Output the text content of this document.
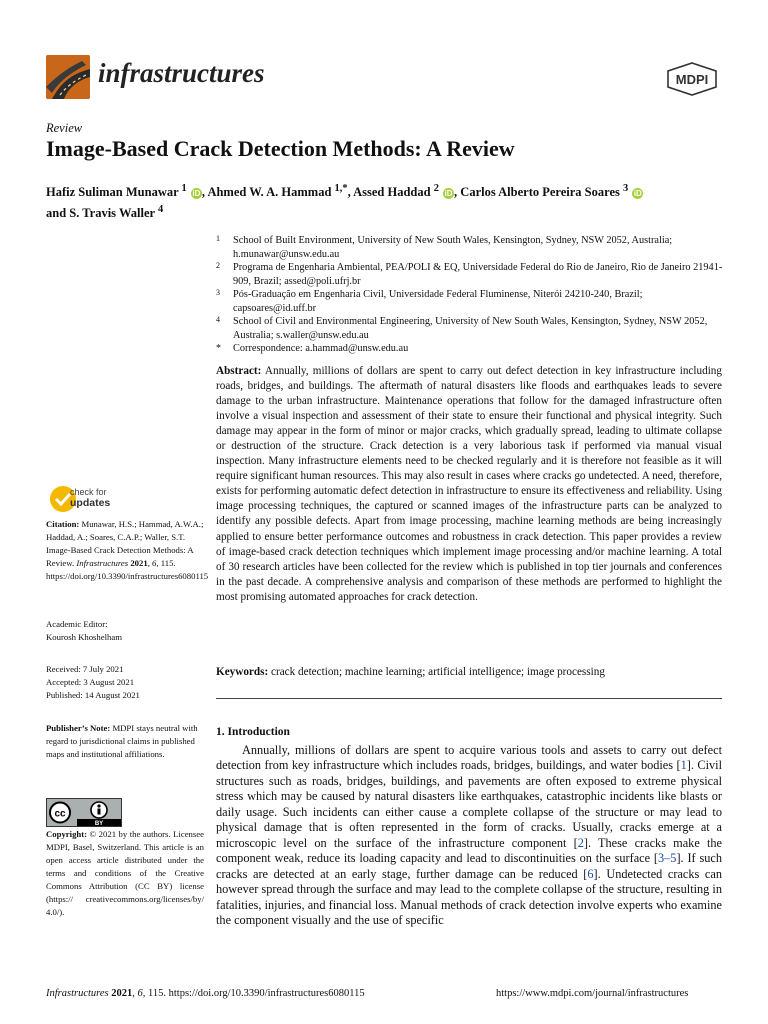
infrastructures	MDPI
Review
Image-Based Crack Detection Methods: A Review
Hafiz Suliman Munawar $^1$ iD , Ahmed W. A. Hammad $^{1,*}$, Assed Haddad $^2$ iD , Carlos Alberto Pereira Soares $^3$ iD
and S. Travis Waller $^4$
1 School of Built Environment, University of New South Wales, Kensington, Sydney, NSW 2052, Australia; h.munawar@unsw.edu.au
2 Programa de Engenharia Ambiental, PEA/POLI & EQ, Universidade Federal do Rio de Janeiro, Rio de Janeiro 21941-909, Brazil; assed@poli.ufrj.br
3 Pós-Graduação em Engenharia Civil, Universidade Federal Fluminense, Niterói 24210-240, Brazil; capsoares@id.uff.br
4 School of Civil and Environmental Engineering, University of New South Wales, Kensington, Sydney, NSW 2052, Australia; s.waller@unsw.edu.au
* Correspondence: a.hammad@unsw.edu.au
Abstract: Annually, millions of dollars are spent to carry out defect detection in key infrastructure including roads, bridges, and buildings. The aftermath of natural disasters like floods and earthquakes leads to severe damage to the urban infrastructure. Maintenance operations that follow for the damaged infrastructure often involve a visual inspection and assessment of their state to ensure their functional and physical integrity. Such damage may appear in the form of minor or major cracks, which gradually spread, leading to ultimate collapse or destruction of the structure. Crack detection is a very laborious task if performed via manual visual inspection. Many infrastructure elements need to be checked regularly and it is therefore not feasible as it will require significant human resources. This may also result in cases where cracks go undetected. A need, therefore, exists for performing automatic defect detection in infrastructure to ensure its effectiveness and reliability. Using image processing techniques, the captured or scanned images of the infrastructure parts can be analyzed to identify any possible defects. Apart from image processing, machine learning methods are being increasingly applied to ensure better performance outcomes and robustness in crack detection. This paper provides a review of image-based crack detection techniques which implement image processing and/or machine learning. A total of 30 research articles have been collected for the review which is published in top tier journals and conferences in the past decade. A comprehensive analysis and comparison of these methods are performed to highlight the most promising automated approaches for crack detection.
Keywords: crack detection; machine learning; artificial intelligence; image processing
1. Introduction

Annually, millions of dollars are spent to acquire various tools and assets to carry out defect detection from key infrastructure which includes roads, bridges, buildings, and water bodies [1]. Civil structures such as roads, bridges, buildings, and pavements are often exposed to extreme physical stress which may be caused by natural disasters like earthquakes, catastrophic incidents like blasts or daily usage. Such incidents can either cause a complete collapse of the structure or may lead to physical damage that is often represented in the form of cracks. Usually, cracks emerge at a microscopic level on the surface of the infrastructure component [2]. These cracks make the component weak, reduce its loading capacity and lead to discontinuities on the surface [3–5]. If such cracks are detected at an early stage, further damage can be reduced [6]. Undetected cracks can however spread through the surface and may lead to the complete collapse of the structure, resulting in fatalities, injuries, and financial loss. Manual methods of crack detection involve experts who examine the component visually and the use of specific

check for
updates
Citation: Munawar, H.S.; Hammad, A.W.A.; Haddad, A.; Soares, C.A.P.; Waller, S.T. Image-Based Crack Detection Methods: A Review. Infrastructures 2021, 6, 115. https://doi.org/10.3390/infrastructures6080115
Academic Editor:
Kourosh Khoshelham
Received: 7 July 2021
Accepted: 3 August 2021
Published: 14 August 2021
Publisher’s Note: MDPI stays neutral with regard to jurisdictional claims in published maps and institutional affiliations.
cc
BY
Copyright: © 2021 by the authors. Licensee MDPI, Basel, Switzerland. This article is an open access article distributed under the terms and conditions of the Creative Commons Attribution (CC BY) license (https:// creativecommons.org/licenses/by/ 4.0/).
Infrastructures 2021, 6, 115. https://doi.org/10.3390/infrastructures6080115	https://www.mdpi.com/journal/infrastructures
